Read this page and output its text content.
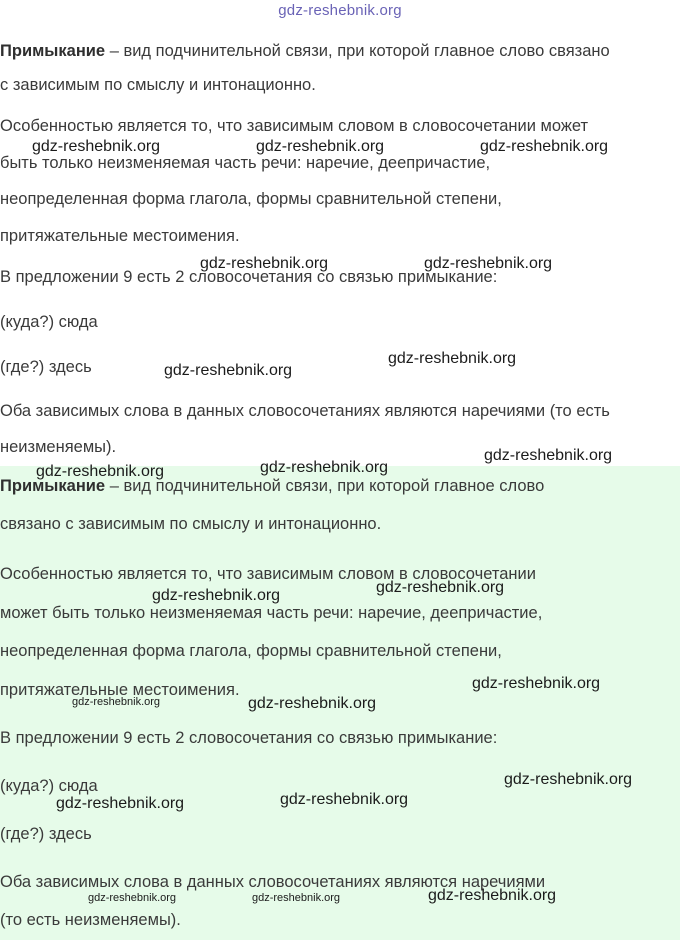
gdz-reshebnik.org

Примыкание – вид подчинительной связи, при которой главное слово связано
с зависимым по смыслу и интонационно.

Особенностью является то, что зависимым словом в словосочетании может
быть только неизменяемая часть речи: наречие, деепричастие,
неопределенная форма глагола, формы сравнительной степени,
притяжательные местоимения.

В предложении 9 есть 2 словосочетания со связью примыкание:

(куда?) сюда

(где?) здесь

Оба зависимых слова в данных словосочетаниях являются наречиями (то есть
неизменяемы).

Примыкание – вид подчинительной связи, при которой главное слово
связано с зависимым по смыслу и интонационно.

Особенностью является то, что зависимым словом в словосочетании
может быть только неизменяемая часть речи: наречие, деепричастие,
неопределенная форма глагола, формы сравнительной степени,
притяжательные местоимения.

В предложении 9 есть 2 словосочетания со связью примыкание:

(куда?) сюда

(где?) здесь

Оба зависимых слова в данных словосочетаниях являются наречиями
(то есть неизменяемы).

gdz-reshebnik.org	gdz-reshebnik.org	gdz-reshebnik.org
gdz-reshebnik.org	gdz-reshebnik.org
gdz-reshebnik.org
gdz-reshebnik.org
gdz-reshebnik.org
gdz-reshebnik.org
gdz-reshebnik.org
gdz-reshebnik.org
gdz-reshebnik.org
gdz-reshebnik.org
gdz-reshebnik.org	gdz-reshebnik.org
gdz-reshebnik.org
gdz-reshebnik.org
gdz-reshebnik.org
gdz-reshebnik.org
gdz-reshebnik.org	gdz-reshebnik.org
